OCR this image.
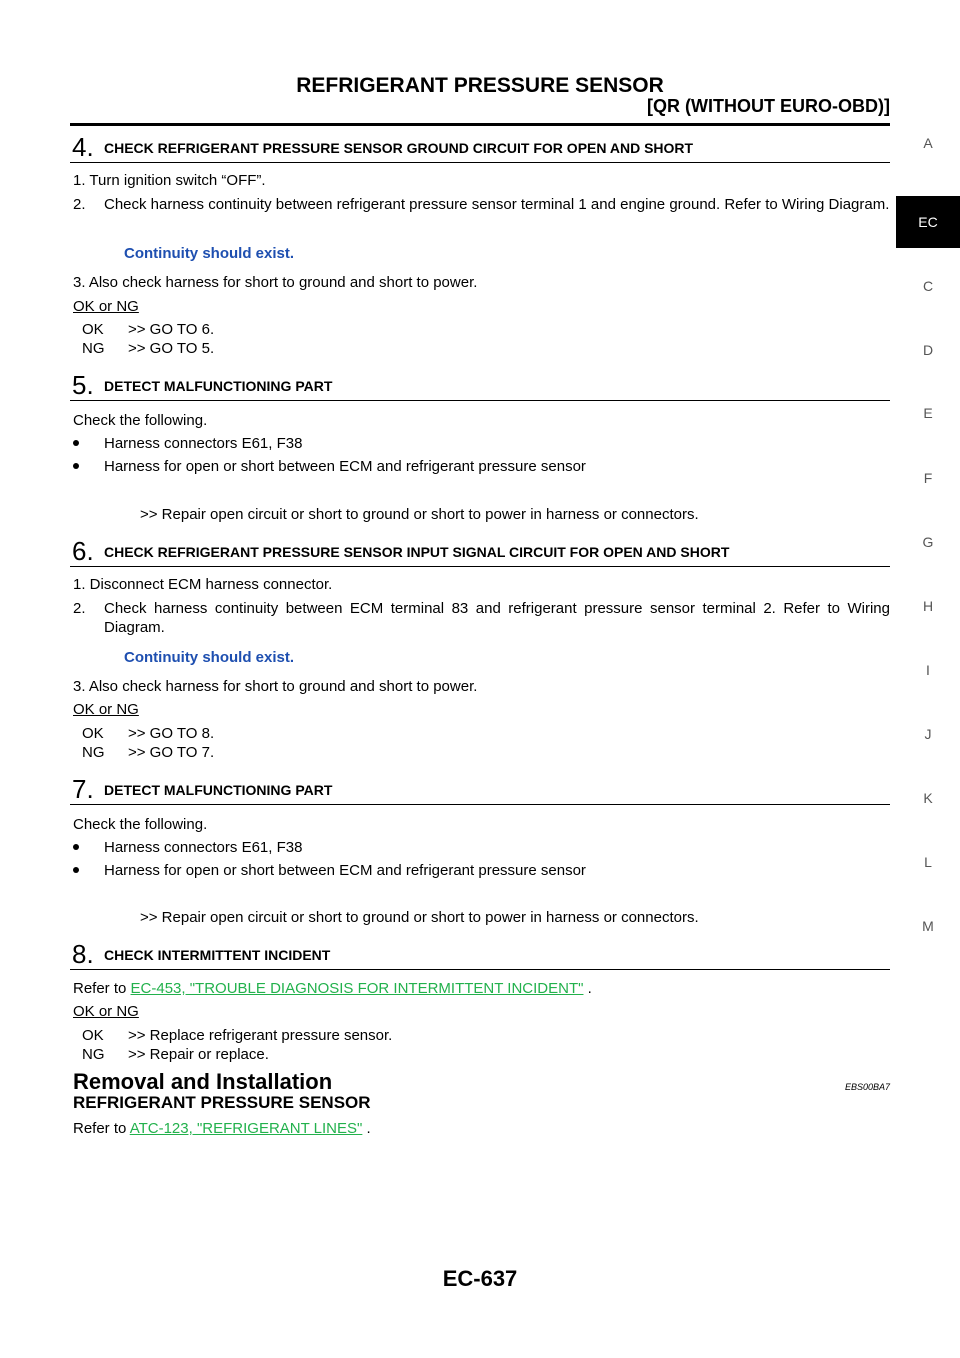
REFRIGERANT PRESSURE SENSOR
[QR (WITHOUT EURO-OBD)]
A
EC
C
D
E
F
G
H
I
J
K
L
M
4. CHECK REFRIGERANT PRESSURE SENSOR GROUND CIRCUIT FOR OPEN AND SHORT
1. Turn ignition switch “OFF”.
2. Check harness continuity between refrigerant pressure sensor terminal 1 and engine ground. Refer to Wiring Diagram.
Continuity should exist.
3. Also check harness for short to ground and short to power.
OK or NG
OK >> GO TO 6.
NG >> GO TO 5.
5. DETECT MALFUNCTIONING PART
Check the following.
Harness connectors E61, F38
Harness for open or short between ECM and refrigerant pressure sensor
>> Repair open circuit or short to ground or short to power in harness or connectors.
6. CHECK REFRIGERANT PRESSURE SENSOR INPUT SIGNAL CIRCUIT FOR OPEN AND SHORT
1. Disconnect ECM harness connector.
2. Check harness continuity between ECM terminal 83 and refrigerant pressure sensor terminal 2. Refer to Wiring Diagram.
Continuity should exist.
3. Also check harness for short to ground and short to power.
OK or NG
OK >> GO TO 8.
NG >> GO TO 7.
7. DETECT MALFUNCTIONING PART
Check the following.
Harness connectors E61, F38
Harness for open or short between ECM and refrigerant pressure sensor
>> Repair open circuit or short to ground or short to power in harness or connectors.
8. CHECK INTERMITTENT INCIDENT
Refer to EC-453, "TROUBLE DIAGNOSIS FOR INTERMITTENT INCIDENT" .
OK or NG
OK >> Replace refrigerant pressure sensor.
NG >> Repair or replace.
Removal and Installation	EBS00BA7
REFRIGERANT PRESSURE SENSOR
Refer to ATC-123, "REFRIGERANT LINES" .
EC-637
